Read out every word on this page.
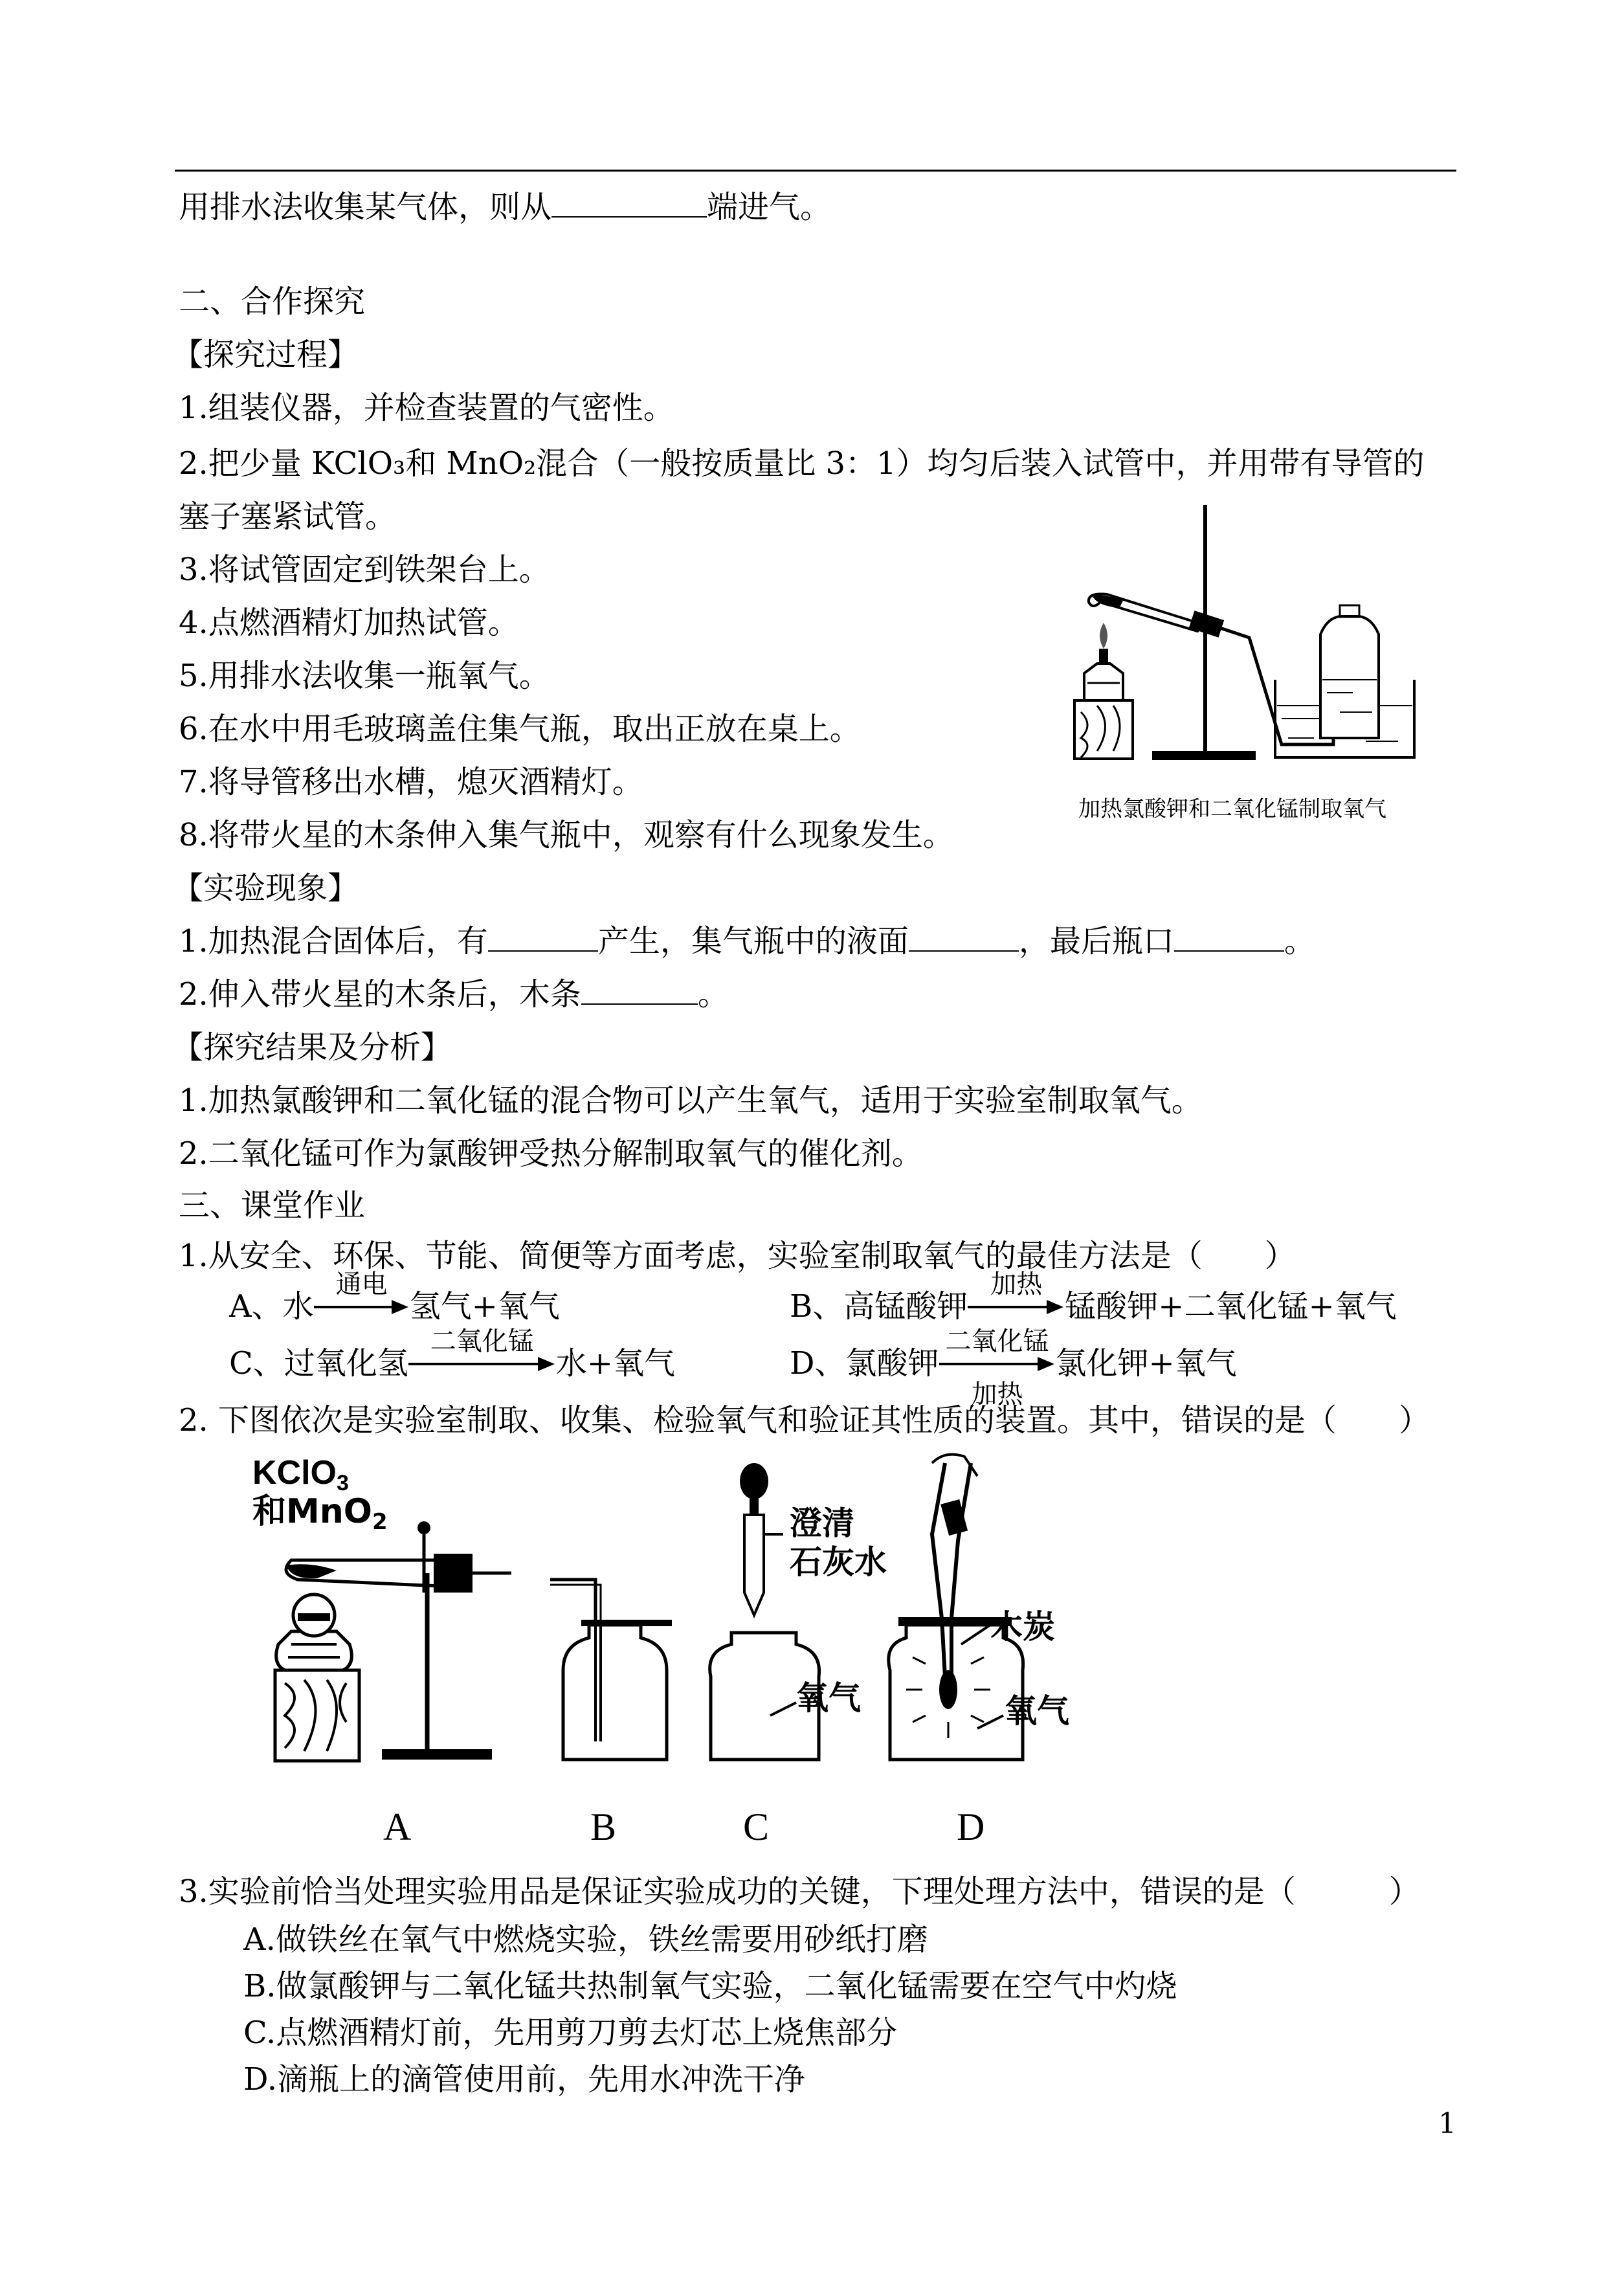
用排水法收集某气体，则从	端进气。
二、合作探究
【探究过程】
1.组装仪器，并检查装置的气密性。
2.把少量 KClO₃和 MnO₂混合（一般按质量比 3：1）均匀后装入试管中，并用带有导管的
塞子塞紧试管。
3.将试管固定到铁架台上。
4.点燃酒精灯加热试管。
5.用排水法收集一瓶氧气。
6.在水中用毛玻璃盖住集气瓶，取出正放在桌上。
7.将导管移出水槽，熄灭酒精灯。
8.将带火星的木条伸入集气瓶中，观察有什么现象发生。
加热氯酸钾和二氧化锰制取氧气
【实验现象】
1.加热混合固体后，有	产生，集气瓶中的液面	，最后瓶口	。
2.伸入带火星的木条后，木条	。
【探究结果及分析】
1.加热氯酸钾和二氧化锰的混合物可以产生氧气，适用于实验室制取氧气。
2.二氧化锰可作为氯酸钾受热分解制取氧气的催化剂。
三、课堂作业
1.从安全、环保、节能、简便等方面考虑，实验室制取氧气的最佳方法是（　　）
A、水
通电
氢气+氧气	B、高锰酸钾
加热
锰酸钾+二氧化锰+氧气
C、过氧化氢
二氧化锰
水+氧气	D、氯酸钾
二氧化锰
加热
氯化钾+氧气
2. 下图依次是实验室制取、收集、检验氧气和验证其性质的装置。其中，错误的是（　　）
KClO3
和MnO2
A	B
澄清
石灰水
氧气
C
木炭
氧气
D
3.实验前恰当处理实验用品是保证实验成功的关键，下理处理方法中，错误的是（　　　）
A.做铁丝在氧气中燃烧实验，铁丝需要用砂纸打磨
B.做氯酸钾与二氧化锰共热制氧气实验，二氧化锰需要在空气中灼烧
C.点燃酒精灯前，先用剪刀剪去灯芯上烧焦部分
D.滴瓶上的滴管使用前，先用水冲洗干净
1
